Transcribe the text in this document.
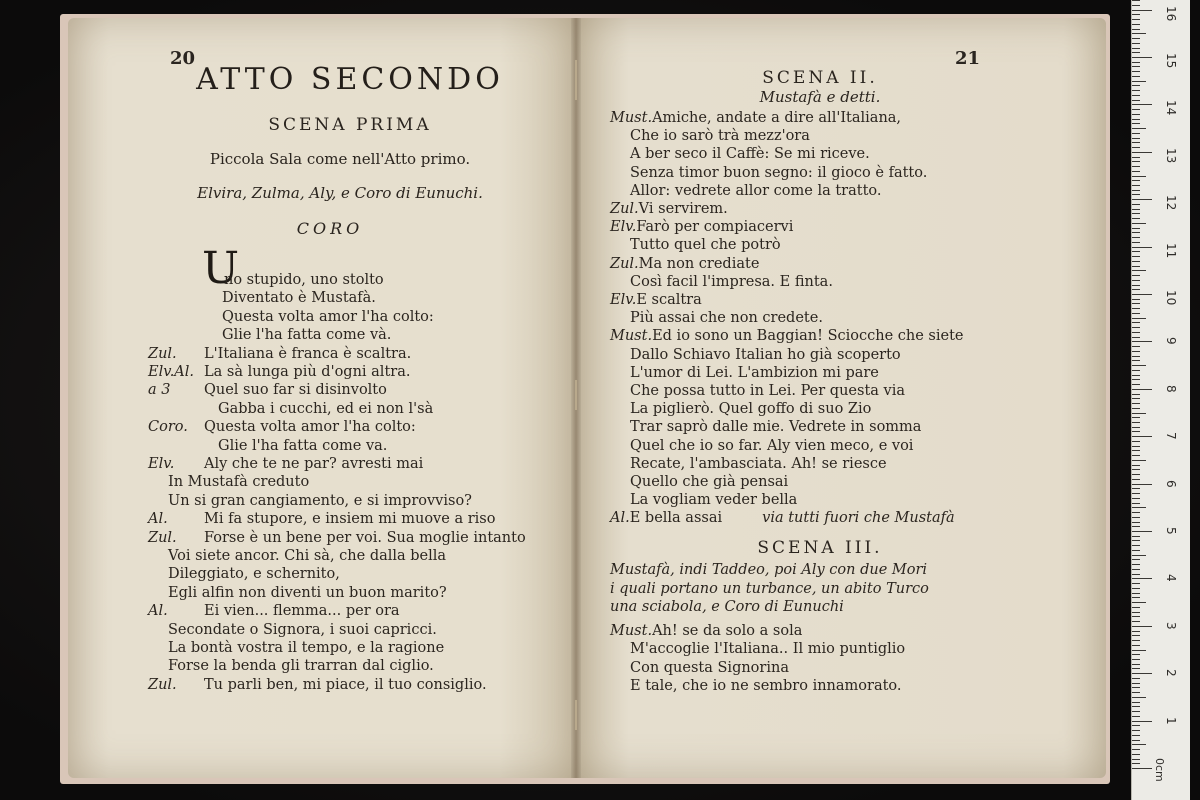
20
ATTO SECONDO
SCENA PRIMA
Piccola Sala come nell'Atto primo.
Elvira, Zulma, Aly, e Coro di Eunuchi.
CORO
U
no stupido, uno stolto
Diventato è Mustafà.
Questa volta amor l'ha colto:
Glie l'ha fatta come và.
Zul. L'Italiana è franca è scaltra.
Elv.Al. La sà lunga più d'ogni altra.
a 3 Quel suo far si disinvolto
Gabba i cucchi, ed ei non l'sà
Coro. Questa volta amor l'ha colto:
Glie l'ha fatta come va.
Elv. Aly che te ne par? avresti mai
In Mustafà creduto
Un si gran cangiamento, e si improvviso?
Al.	Mi fa stupore, e insiem mi muove a riso
Zul. Forse è un bene per voi. Sua moglie intanto
Voi siete ancor. Chi sà, che dalla bella
Dileggiato, e schernito,
Egli alfin non diventi un buon marito?
Al.	Ei vien... flemma... per ora
Secondate o Signora, i suoi capricci.
La bontà vostra il tempo, e la ragione
Forse la benda gli trarran dal ciglio.
Zul. Tu parli ben, mi piace, il tuo consiglio.
21
SCENA II.
Mustafà e detti.
Must.Amiche, andate a dire all'Italiana,
Che io sarò trà mezz'ora
A ber seco il Caffè: Se mi riceve.
Senza timor buon segno: il gioco è fatto.
Allor: vedrete allor come la tratto.
Zul.Vi servirem.
Elv.Farò per compiacervi
Tutto quel che potrò
Zul.Ma non crediate
Così facil l'impresa. E finta.
Elv.E scaltra
Più assai che non credete.
Must.Ed io sono un Baggian! Sciocche che siete
Dallo Schiavo Italian ho già scoperto
L'umor di Lei. L'ambizion mi pare
Che possa tutto in Lei. Per questa via
La piglierò. Quel goffo di suo Zio
Trar saprò dalle mie. Vedrete in somma
Quel che io so far. Aly vien meco, e voi
Recate, l'ambasciata. Ah! se riesce
Quello che già pensai
La vogliam veder bella
Al.E bella assai	via tutti fuori che Mustafà
SCENA III.
Mustafà, indi Taddeo, poi Aly con due Mori
i quali portano un turbance, un abito Turco
una sciabola, e Coro di Eunuchi
Must.Ah! se da solo a sola
M'accoglie l'Italiana.. Il mio puntiglio
Con questa Signorina
E tale, che io ne sembro innamorato.
0cm
1
2
3
4
5
6
7
8
9
10
11
12
13
14
15
16
